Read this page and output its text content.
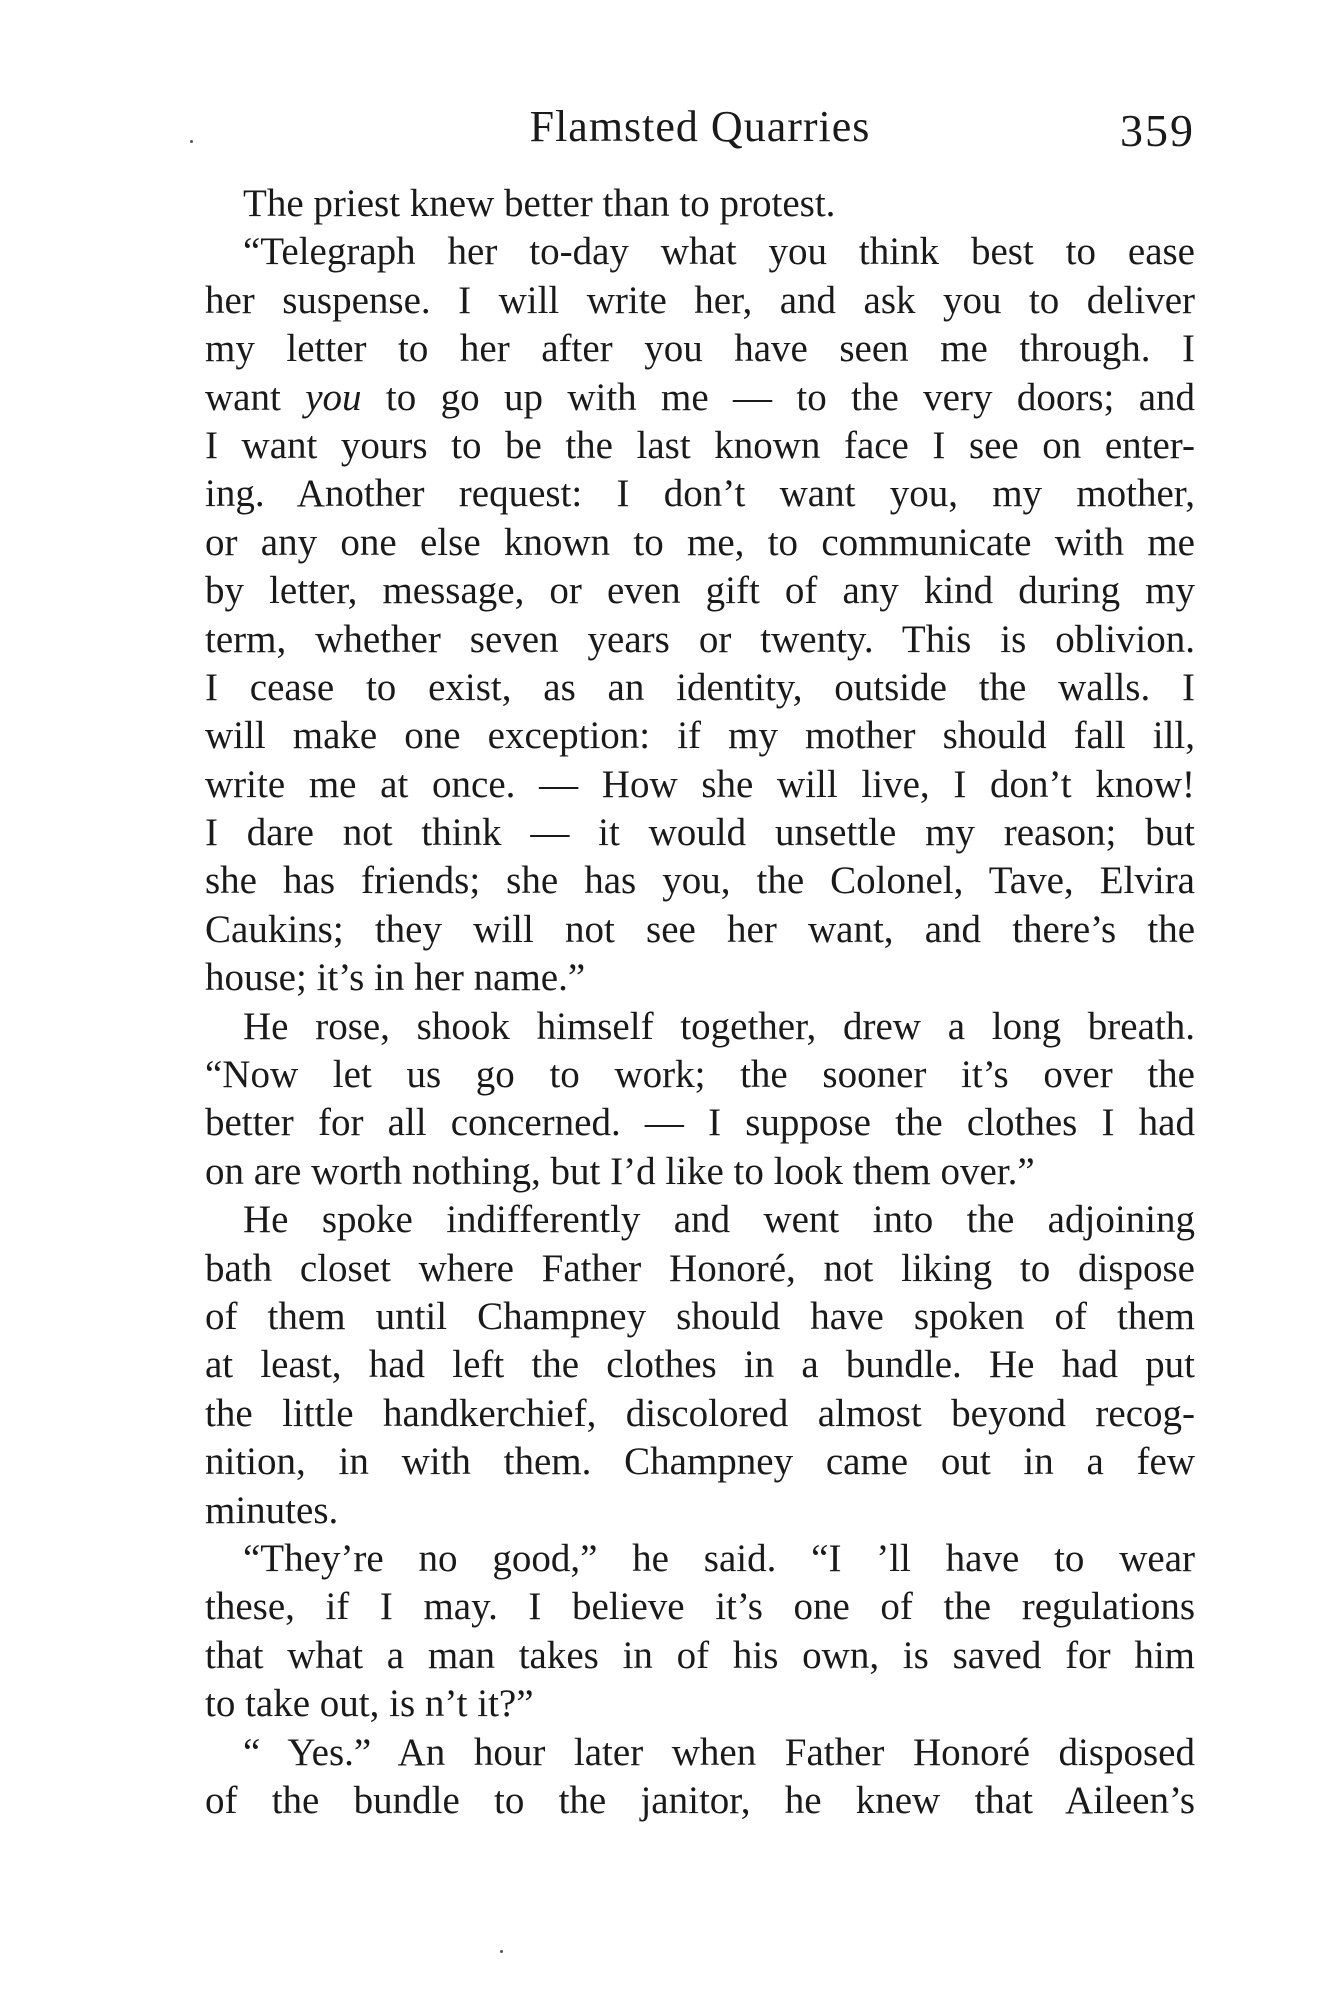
Flamsted Quarries	359
The priest knew better than to protest.
“Telegraph her to-day what you think best to ease
her suspense. I will write her, and ask you to deliver
my letter to her after you have seen me through. I
want you to go up with me — to the very doors; and
I want yours to be the last known face I see on enter-
ing. Another request: I don’t want you, my mother,
or any one else known to me, to communicate with me
by letter, message, or even gift of any kind during my
term, whether seven years or twenty. This is oblivion.
I cease to exist, as an identity, outside the walls. I
will make one exception: if my mother should fall ill,
write me at once. — How she will live, I don’t know!
I dare not think — it would unsettle my reason; but
she has friends; she has you, the Colonel, Tave, Elvira
Caukins; they will not see her want, and there’s the
house; it’s in her name.”
He rose, shook himself together, drew a long breath.
“Now let us go to work; the sooner it’s over the
better for all concerned. — I suppose the clothes I had
on are worth nothing, but I’d like to look them over.”
He spoke indifferently and went into the adjoining
bath closet where Father Honoré, not liking to dispose
of them until Champney should have spoken of them
at least, had left the clothes in a bundle. He had put
the little handkerchief, discolored almost beyond recog-
nition, in with them. Champney came out in a few
minutes.
“They’re no good,” he said. “I ’ll have to wear
these, if I may. I believe it’s one of the regulations
that what a man takes in of his own, is saved for him
to take out, is n’t it?”
“ Yes.” An hour later when Father Honoré disposed
of the bundle to the janitor, he knew that Aileen’s
